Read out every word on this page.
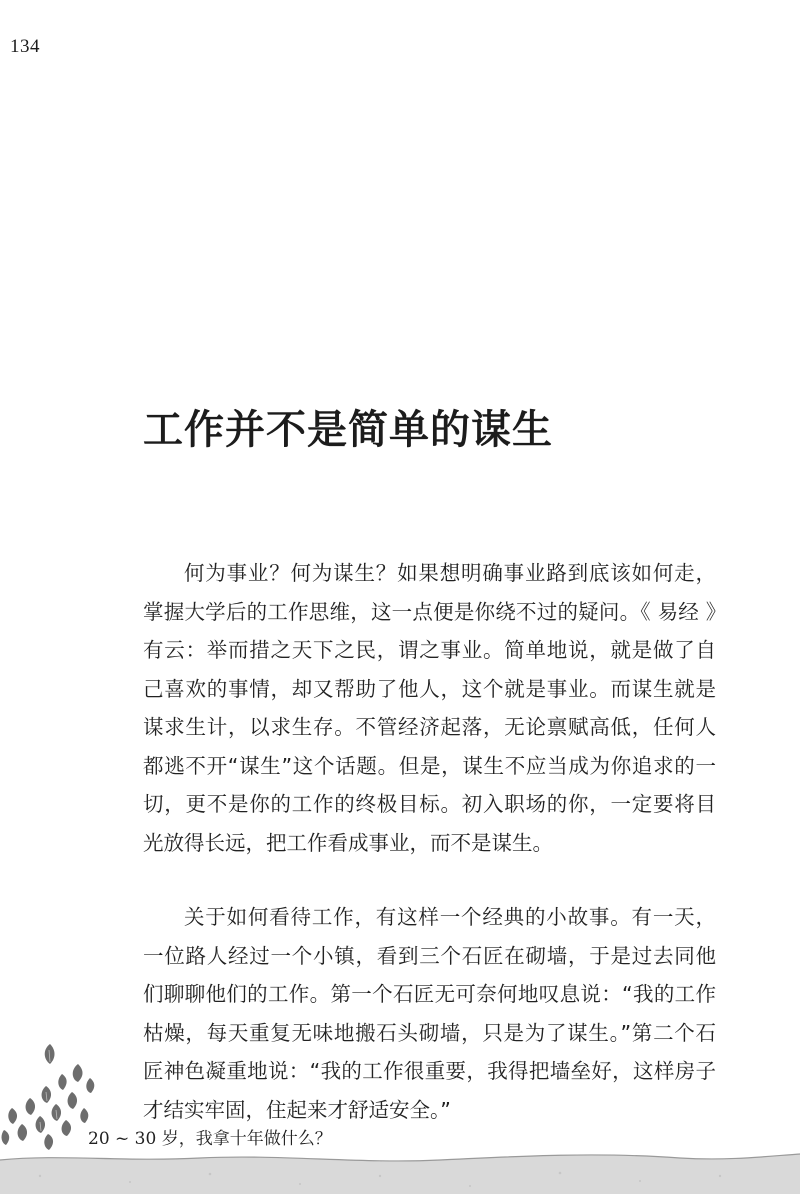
134
工作并不是简单的谋生

何为事业？何为谋生？如果想明确事业路到底该如何走，掌握大学后的工作思维，这一点便是你绕不过的疑问。《 易经 》有云：举而措之天下之民，谓之事业。简单地说，就是做了自己喜欢的事情，却又帮助了他人，这个就是事业。而谋生就是谋求生计，以求生存。不管经济起落，无论禀赋高低，任何人都逃不开“谋生”这个话题。但是，谋生不应当成为你追求的一切，更不是你的工作的终极目标。初入职场的你，一定要将目光放得长远，把工作看成事业，而不是谋生。

关于如何看待工作，有这样一个经典的小故事。有一天，一位路人经过一个小镇，看到三个石匠在砌墙，于是过去同他们聊聊他们的工作。第一个石匠无可奈何地叹息说：“我的工作枯燥，每天重复无味地搬石头砌墙，只是为了谋生。”第二个石匠神色凝重地说：“我的工作很重要，我得把墙垒好，这样房子才结实牢固，住起来才舒适安全。”

20 ~ 30 岁，我拿十年做什么？
